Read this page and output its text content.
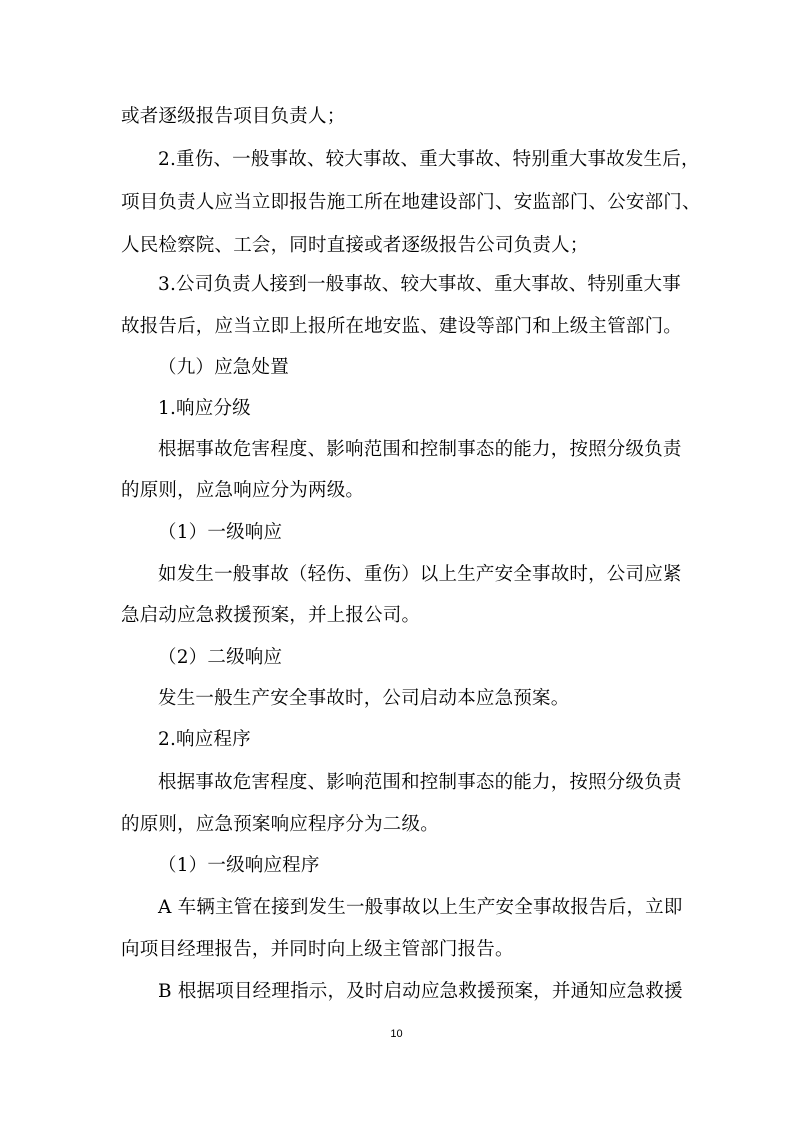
或者逐级报告项目负责人；
2.重伤、一般事故、较大事故、重大事故、特别重大事故发生后，
项目负责人应当立即报告施工所在地建设部门、安监部门、公安部门、
人民检察院、工会，同时直接或者逐级报告公司负责人；
3.公司负责人接到一般事故、较大事故、重大事故、特别重大事
故报告后，应当立即上报所在地安监、建设等部门和上级主管部门。
（九）应急处置
1.响应分级
根据事故危害程度、影响范围和控制事态的能力，按照分级负责
的原则，应急响应分为两级。
（1）一级响应
如发生一般事故（轻伤、重伤）以上生产安全事故时，公司应紧
急启动应急救援预案，并上报公司。
（2）二级响应
发生一般生产安全事故时，公司启动本应急预案。
2.响应程序
根据事故危害程度、影响范围和控制事态的能力，按照分级负责
的原则，应急预案响应程序分为二级。
（1）一级响应程序
A 车辆主管在接到发生一般事故以上生产安全事故报告后，立即
向项目经理报告，并同时向上级主管部门报告。
B 根据项目经理指示，及时启动应急救援预案，并通知应急救援
10
